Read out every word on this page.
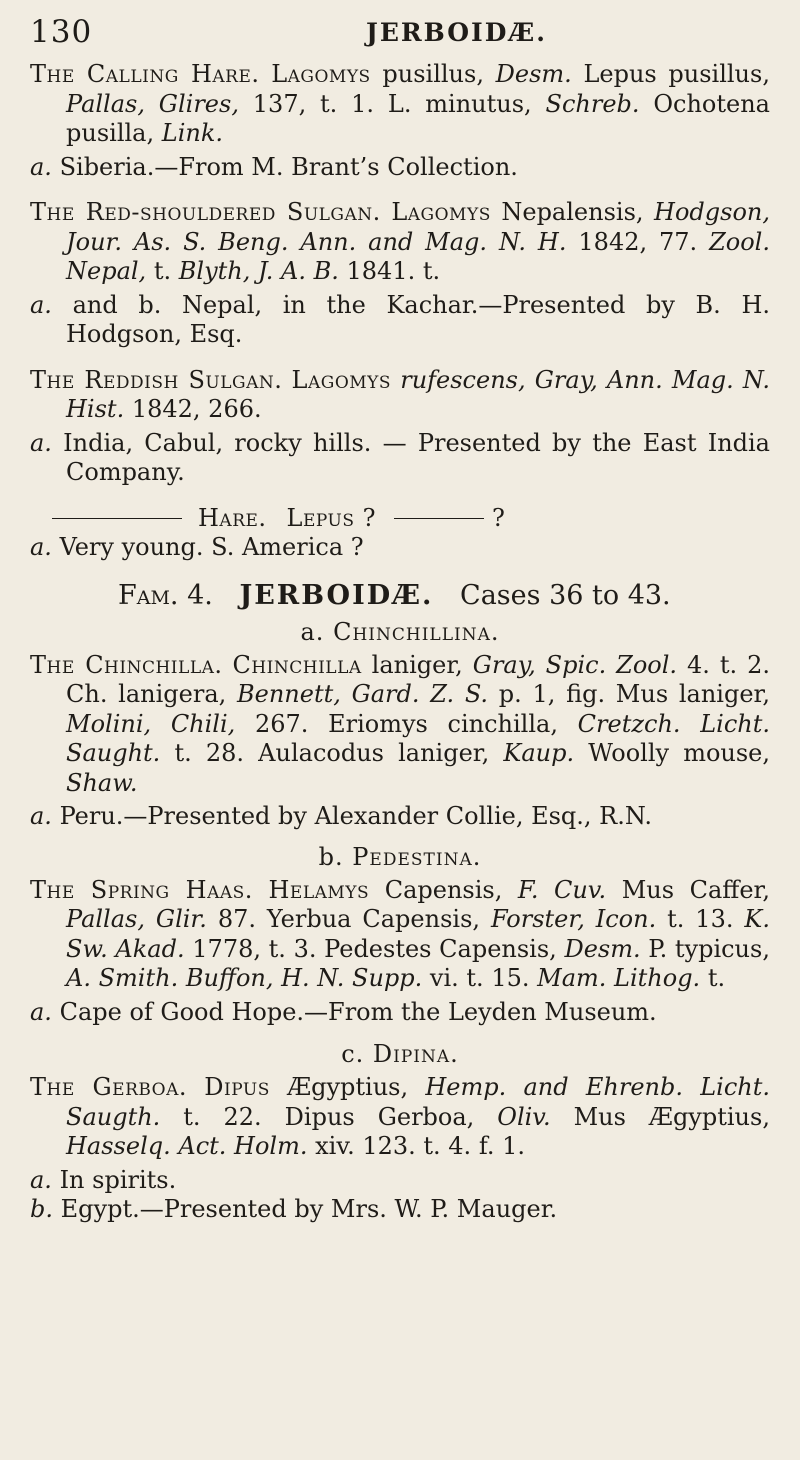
130	JERBOIDÆ.

The Calling Hare. Lagomys pusillus, Desm. Lepus pusillus, Pallas, Glires, 137, t. 1. L. minutus, Schreb. Ochotena pusilla, Link.

a. Siberia.—From M. Brant’s Collection.

The Red-shouldered Sulgan. Lagomys Nepalensis, Hodgson, Jour. As. S. Beng. Ann. and Mag. N. H. 1842, 77. Zool. Nepal, t. Blyth, J. A. B. 1841. t.

a. and b. Nepal, in the Kachar.—Presented by B. H. Hodgson, Esq.

The Reddish Sulgan. Lagomys rufescens, Gray, Ann. Mag. N. Hist. 1842, 266.

a. India, Cabul, rocky hills. — Presented by the East India Company.

Hare. Lepus ?	?

a. Very young. S. America ?

Fam. 4. JERBOIDÆ. Cases 36 to 43.

a. Chinchillina.

The Chinchilla. Chinchilla laniger, Gray, Spic. Zool. 4. t. 2. Ch. lanigera, Bennett, Gard. Z. S. p. 1, fig. Mus laniger, Molini, Chili, 267. Eriomys cinchilla, Cretzch. Licht. Saught. t. 28. Aulacodus laniger, Kaup. Woolly mouse, Shaw.

a. Peru.—Presented by Alexander Collie, Esq., R.N.

b. Pedestina.

The Spring Haas. Helamys Capensis, F. Cuv. Mus Caffer, Pallas, Glir. 87. Yerbua Capensis, Forster, Icon. t. 13. K. Sw. Akad. 1778, t. 3. Pedestes Capensis, Desm. P. typicus, A. Smith. Buffon, H. N. Supp. vi. t. 15. Mam. Lithog. t.

a. Cape of Good Hope.—From the Leyden Museum.

c. Dipina.

The Gerboa. Dipus Ægyptius, Hemp. and Ehrenb. Licht. Saugth. t. 22. Dipus Gerboa, Oliv. Mus Ægyptius, Hasselq. Act. Holm. xiv. 123. t. 4. f. 1.

a. In spirits.

b. Egypt.—Presented by Mrs. W. P. Mauger.
